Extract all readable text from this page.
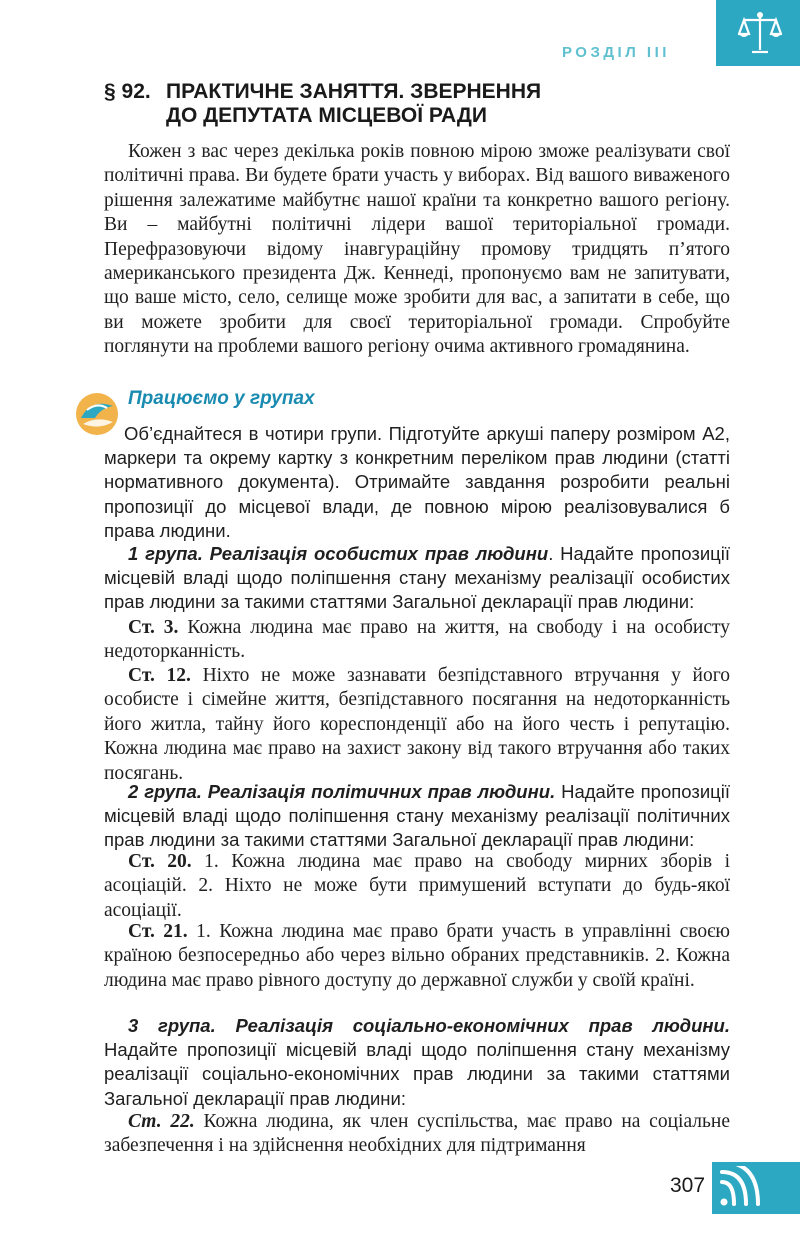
РОЗДІЛ III
§ 92. ПРАКТИЧНЕ ЗАНЯТТЯ. ЗВЕРНЕННЯ
ДО ДЕПУТАТА МІСЦЕВОЇ РАДИ

Кожен з вас через декілька років повною мірою зможе реалізувати свої політичні права. Ви будете брати участь у виборах. Від вашого виваженого рішення залежатиме майбутнє нашої країни та конкретно вашого регіону. Ви – майбутні політичні лідери вашої територіальної громади. Перефразовуючи відому інавгураційну промову тридцять п’ятого американського президента Дж. Кеннеді, пропонуємо вам не запитувати, що ваше місто, село, селище може зробити для вас, а запитати в себе, що ви можете зробити для своєї територіальної громади. Спробуйте поглянути на проблеми вашого регіону очима активного громадянина.

Працюємо у групах

Об’єднайтеся в чотири групи. Підготуйте аркуші паперу розміром А2, маркери та окрему картку з конкретним переліком прав людини (статті нормативного документа). Отримайте завдання розробити реальні пропозиції до місцевої влади, де повною мірою реалізовувалися б права людини.

1 група. Реалізація особистих прав людини. Надайте пропозиції місцевій владі щодо поліпшення стану механізму реалізації особистих прав людини за такими статтями Загальної декларації прав людини:

Ст. 3. Кожна людина має право на життя, на свободу і на особисту недоторканність.

Ст. 12. Ніхто не може зазнавати безпідставного втручання у його особисте і сімейне життя, безпідставного посягання на недоторканність його житла, тайну його кореспонденції або на його честь і репутацію. Кожна людина має право на захист закону від такого втручання або таких посягань.

2 група. Реалізація політичних прав людини. Надайте пропозиції місцевій владі щодо поліпшення стану механізму реалізації політичних прав людини за такими статтями Загальної декларації прав людини:

Ст. 20. 1. Кожна людина має право на свободу мирних зборів і асоціацій. 2. Ніхто не може бути примушений вступати до будь-якої асоціації.

Ст. 21. 1. Кожна людина має право брати участь в управлінні своєю країною безпосередньо або через вільно обраних представників. 2. Кожна людина має право рівного доступу до державної служби у своїй країні.

3 група. Реалізація соціально-економічних прав людини. Надайте пропозиції місцевій владі щодо поліпшення стану механізму реалізації соціально-економічних прав людини за такими статтями Загальної декларації прав людини:

Ст. 22. Кожна людина, як член суспільства, має право на соціальне забезпечення і на здійснення необхідних для підтримання

307
